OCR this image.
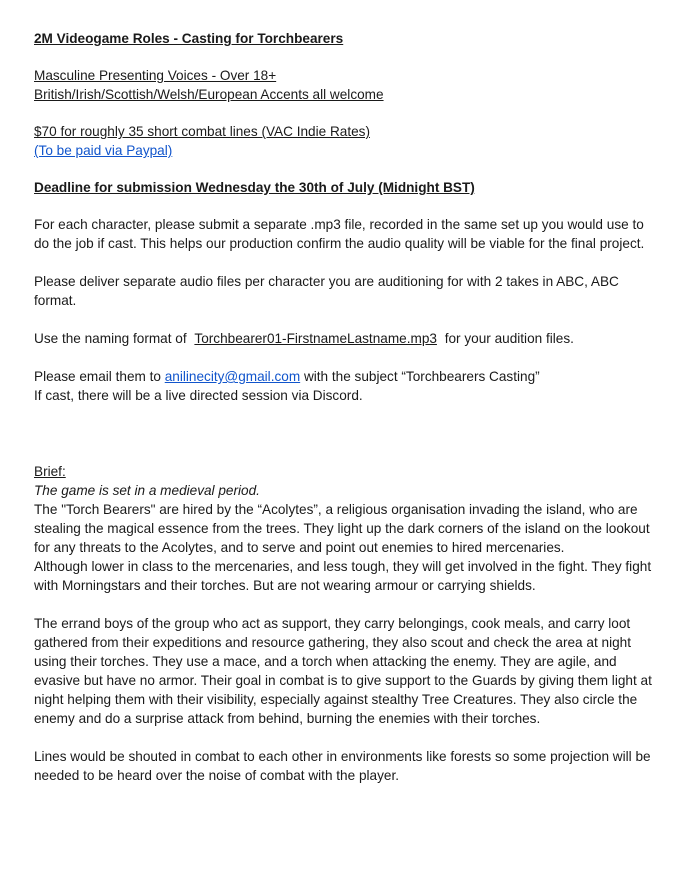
2M Videogame Roles - Casting for Torchbearers

Masculine Presenting Voices - Over 18+

British/Irish/Scottish/Welsh/European Accents all welcome

$70 for roughly 35 short combat lines (VAC Indie Rates)

(To be paid via Paypal)

Deadline for submission Wednesday the 30th of July (Midnight BST)

For each character, please submit a separate .mp3 file, recorded in the same set up you would use to do the job if cast. This helps our production confirm the audio quality will be viable for the final project.

Please deliver separate audio files per character you are auditioning for with 2 takes in ABC, ABC format.

Use the naming format of Torchbearer01-FirstnameLastname.mp3 for your audition files.

Please email them to anilinecity@gmail.com with the subject “Torchbearers Casting”

If cast, there will be a live directed session via Discord.

Brief:

The game is set in a medieval period.

The "Torch Bearers" are hired by the “Acolytes”, a religious organisation invading the island, who are stealing the magical essence from the trees. They light up the dark corners of the island on the lookout for any threats to the Acolytes, and to serve and point out enemies to hired mercenaries.

Although lower in class to the mercenaries, and less tough, they will get involved in the fight. They fight with Morningstars and their torches. But are not wearing armour or carrying shields.

The errand boys of the group who act as support, they carry belongings, cook meals, and carry loot gathered from their expeditions and resource gathering, they also scout and check the area at night using their torches. They use a mace, and a torch when attacking the enemy. They are agile, and evasive but have no armor. Their goal in combat is to give support to the Guards by giving them light at night helping them with their visibility, especially against stealthy Tree Creatures. They also circle the enemy and do a surprise attack from behind, burning the enemies with their torches.

Lines would be shouted in combat to each other in environments like forests so some projection will be needed to be heard over the noise of combat with the player.
